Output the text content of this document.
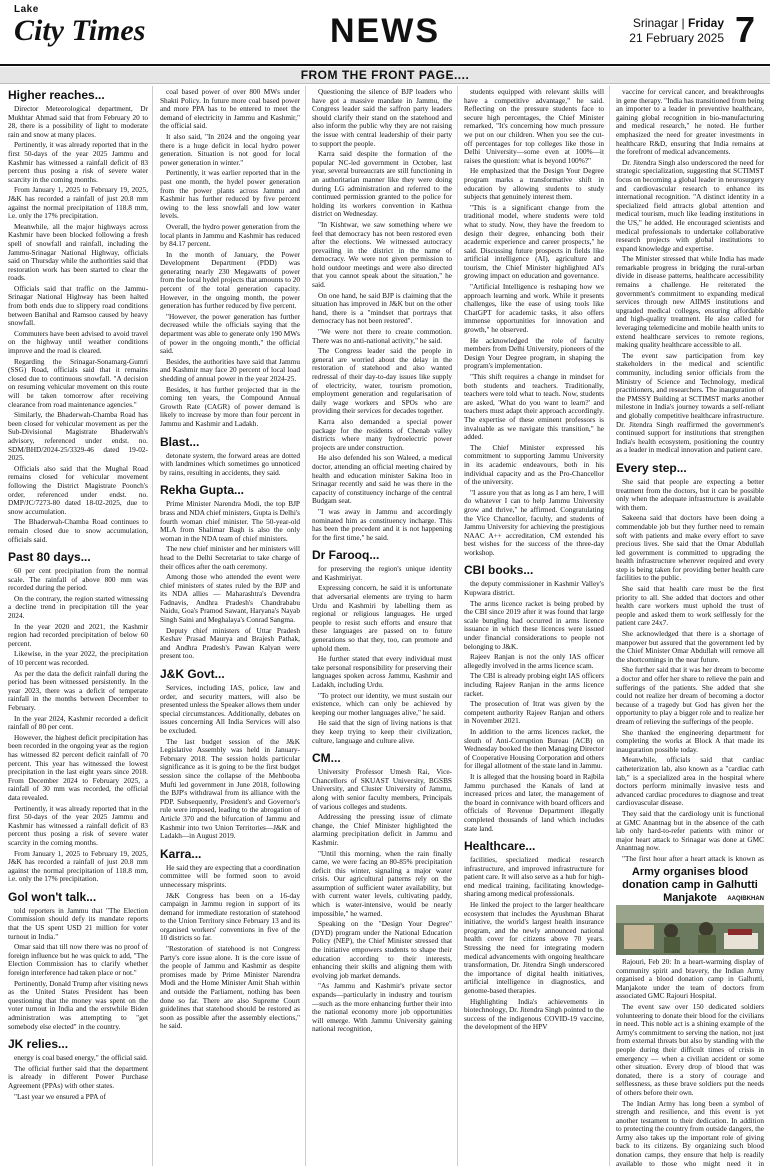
Lake
City Times	NEWS	Srinagar | Friday
21 February 2025 7
FROM THE FRONT PAGE....
Higher reaches...

Director Meteorological department, Dr Mukhtar Ahmad said that from February 20 to 28, there is a possibility of light to moderate rain and snow at many places.

Pertinently, it was already reported that in the first 50-days of the year 2025 Jammu and Kashmir has witnessed a rainfall deficit of 83 percent thus posing a risk of severe water scarcity in the coming months.

From January 1, 2025 to February 19, 2025, J&K has recorded a rainfall of just 20.8 mm against the normal precipitation of 118.8 mm, i.e. only the 17% precipitation.

Meanwhile, all the major highways across Kashmir have been blocked following a fresh spell of snowfall and rainfall, including the Jammu-Srinagar National Highway, officials said on Thursday while the authorities said that restoration work has been started to clear the roads.

Officials said that traffic on the Jammu-Srinagar National Highway has been halted from both ends due to slippery road conditions between Banihal and Ramsoo caused by heavy snowfall.

Commuters have been advised to avoid travel on the highway until weather conditions improve and the road is cleared.

Regarding the Srinagar-Sonamarg-Gumri (SSG) Road, officials said that it remains closed due to continuous snowfall. "A decision on resuming vehicular movement on this route will be taken tomorrow after receiving clearance from road maintenance agencies."

Similarly, the Bhaderwah-Chamba Road has been closed for vehicular movement as per the Sub-Divisional Magistrate Bhaderwah's advisory, referenced under endst. no. SDM/BHD/2024-25/3329-46 dated 19-02-2025.

Officials also said that the Mughal Road remains closed for vehicular movement following the District Magistrate Poonch's order, referenced under endst. no. DMP/JC/7273-80 dated 18-02-2025, due to snow accumulation.

The Bhaderwah-Chamba Road continues to remain closed due to snow accumulation, officials said.

Past 80 days...

60 per cent precipitation from the normal scale. The rainfall of above 800 mm was recorded during the period.

On the contrary, the region started witnessing a decline trend in precipitation till the year 2024.

In the year 2020 and 2021, the Kashmir region had recorded precipitation of below 60 percent.

Likewise, in the year 2022, the precipitation of 10 percent was recorded.

As per the data the deficit rainfall during the period has been witnessed persistently. In the year 2023, there was a deficit of temperate rainfall in the months between December to February.

In the year 2024, Kashmir recorded a deficit rainfall of 80 per cent.

However, the highest deficit precipitation has been recorded in the ongoing year as the region has witnessed 82 percent deficit rainfall of 70 percent. This year has witnessed the lowest precipitation in the last eight years since 2018. From December 2024 to February 2025, a rainfall of 30 mm was recorded, the official data revealed.

Pertinently, it was already reported that in the first 50-days of the year 2025 Jammu and Kashmir has witnessed a rainfall deficit of 83 percent thus posing a risk of severe water scarcity in the coming months.

From January 1, 2025 to February 19, 2025, J&K has recorded a rainfall of just 20.8 mm against the normal precipitation of 118.8 mm, i.e. only the 17% precipitation.

Gol won't talk...

told reporters in Jammu that "The Election Commission should defy its mandate reports that the US spent USD 21 million for voter turnout in India."

Omar said that till now there was no proof of foreign influence but he was quick to add, "The Election Commission has to clarify whether foreign interference had taken place or not."

Pertinently, Donald Trump after visiting news as the United States President has been questioning that the money was spent on the voter turnout in India and the erstwhile Biden administration was attempting to "get somebody else elected" in the country.

JK relies...

energy is coal based energy," the official said.

The official further said that the department is already in different Power Purchase Agreement (PPAs) with other states.

"Last year we ensured a PPA of

coal based power of over 800 MWs under Shakti Policy. In future more coal based power and more PPA has to be entered to meet the demand of electricity in Jammu and Kashmir," the official said.

It also said, "In 2024 and the ongoing year there is a huge deficit in local hydro power generation. Situation is not good for local power generation in winter."

Pertinently, it was earlier reported that in the past one month, the hydel power generation from the power plants across Jammu and Kashmir has further reduced by five percent owing to the less snowfall and low water levels.

Overall, the hydro power generation from the local plants in Jammu and Kashmir has reduced by 84.17 percent.

In the month of January, the Power Development Department (PDD) was generating nearly 230 Megawatts of power from the local hydel projects that amounts to 20 percent of the total generation capacity. However, in the ongoing month, the power generation has further reduced by five percent.

"However, the power generation has further decreased while the officials saying that the department was able to generate only 190 MWs of power in the ongoing month," the official said.

Besides, the authorities have said that Jammu and Kashmir may face 20 percent of local load shedding of annual power in the year 2024-25.

Besides, it has further projected that in the coming ten years, the Compound Annual Growth Rate (CAGR) of power demand is likely to increase by more than four percent in Jammu and Kashmir and Ladakh.

Blast...

detonate system, the forward areas are dotted with landmines which sometimes go unnoticed by rains, resulting in accidents, they said.

Rekha Gupta...

Prime Minister Narendra Modi, the top BJP brass and NDA chief ministers, Gupta is Delhi's fourth woman chief minister. The 50-year-old MLA from Shalimar Bagh is also the only woman in the NDA team of chief ministers.

The new chief minister and her ministers will head to the Delhi Secretariat to take charge of their offices after the oath ceremony.

Among those who attended the event were chief ministers of states ruled by the BJP and its NDA allies — Maharashtra's Devendra Fadnavis, Andhra Pradesh's Chandrababu Naidu, Goa's Pramod Sawant, Haryana's Nayab Singh Saini and Meghalaya's Conrad Sangma.

Deputy chief ministers of Uttar Pradesh Keshav Prasad Maurya and Brajesh Pathak, and Andhra Pradesh's Pawan Kalyan were present too.

J&K Govt...

Services, including IAS, police, law and order, and security matters, will also be presented unless the Speaker allows them under special circumstances. Additionally, debates on issues concerning All India Services will also be excluded.

The last budget session of the J&K Legislative Assembly was held in January-February 2018. The session holds particular significance as it is going to be the first budget session since the collapse of the Mehbooba Mufti led government in June 2018, following the BJP's withdrawal from its alliance with the PDP. Subsequently, President's and Governor's rule were imposed, leading to the abrogation of Article 370 and the bifurcation of Jammu and Kashmir into two Union Territories—J&K and Ladakh—in August 2019.

Karra...

He said they are expecting that a coordination committee will be formed soon to avoid unnecessary misprints.

J&K Congress has been on a 16-day campaign in Jammu region in support of its demand for immediate restoration of statehood to the Union Territory since February 13 and its organised workers' conventions in five of the 10 districts so far.

"Restoration of statehood is not Congress Party's core issue alone. It is the core issue of the people of Jammu and Kashmir as despite promises made by Prime Minister Narendra Modi and the Home Minister Amit Shah within and outside the Parliament, nothing has been done so far. There are also Supreme Court guidelines that statehood should be restored as soon as possible after the assembly elections," he said.

Questioning the silence of BJP leaders who have got a massive mandate in Jammu, the Congress leader said the saffron party leaders should clarify their stand on the statehood and also inform the public why they are not raising the issue with central leadership of their party to support the people.

Karra said despite the formation of the popular NC-led government in October, last year, several bureaucrats are still functioning in an authoritarian manner like they were doing during LG administration and referred to the continued permission granted to the police for holding its workers convention in Kathua district on Wednesday.

"In Kishtwar, we saw something where we feel that democracy has not been restored even after the elections. We witnessed autocracy prevailing in the district in the name of democracy. We were not given permission to hold outdoor meetings and were also directed that you cannot speak about the situation," he said.

On one hand, he said BJP is claiming that the situation has improved in J&K but on the other hand, there is a "mindset that portrays that democracy has not been restored".

"We were not there to create commotion. There was no anti-national activity," he said.

The Congress leader said the people in general are worried about the delay in the restoration of statehood and also wanted redressal of their day-to-day issues like supply of electricity, water, tourism promotion, employment generation and regularisation of daily wage workers and SPOs who are providing their services for decades together.

Karra also demanded a special power package for the residents of Chenab valley districts where many hydroelectric power projects are under construction.

He also defended his son Waleed, a medical doctor, attending an official meeting chaired by health and education minister Sakina Itoo in Srinagar recently and said he was there in the capacity of constituency incharge of the central Budgam seat.

"I was away in Jammu and accordingly nominated him as constituency incharge. This has been the precedent and it is not happening for the first time," he said.

Dr Farooq...

for preserving the region's unique identity and Kashmiriyat.

Expressing concern, he said it is unfortunate that adversarial elements are trying to harm Urdu and Kashmiri by labelling them as regional or religious languages. He urged people to resist such efforts and ensure that these languages are passed on to future generations so that they, too, can promote and uphold them.

He further stated that every individual must take personal responsibility for preserving their languages spoken across Jammu, Kashmir and Ladakh, including Urdu.

"To protect our identity, we must sustain our existence, which can only be achieved by keeping our mother languages alive," he said.

He said that the sign of living nations is that they keep trying to keep their civilization, culture, language and culture alive.

CM...

University Professor Umesh Rai, Vice-Chancellors of SKUAST University, BGSBS University, and Cluster University of Jammu, along with senior faculty members, Principals of various colleges and students.

Addressing the pressing issue of climate change, the Chief Minister highlighted the alarming precipitation deficit in Jammu and Kashmir.

"Until this morning, when the rain finally came, we were facing an 80-85% precipitation deficit this winter, signaling a major water crisis. Our agricultural patterns rely on the assumption of sufficient water availability, but with current water levels, cultivating paddy, which is water-intensive, would be nearly impossible," he warned.

Speaking on the "Design Your Degree" (DYD) program under the National Education Policy (NEP), the Chief Minister stressed that the initiative empowers students to shape their education according to their interests, enhancing their skills and aligning them with evolving job market demands.

"As Jammu and Kashmir's private sector expands—particularly in industry and tourism—such as the more enhancing further their into the national economy more job opportunities will emerge. With Jammu University gaining national recognition,

students equipped with relevant skills will have a competitive advantage," he said. Reflecting on the pressure students face to secure high percentages, the Chief Minister remarked, "It's concerning how much pressure we put on our children. When you see the cut-off percentages for top colleges like those in Delhi University—some even at 100%—it raises the question: what is beyond 100%?"

He emphasized that the Design Your Degree program marks a transformative shift in education by allowing students to study subjects that genuinely interest them.

"This is a significant change from the traditional model, where students were told what to study. Now, they have the freedom to design their degree, enhancing both their academic experience and career prospects," he said. Discussing future prospects in fields like artificial intelligence (AI), agriculture and tourism, the Chief Minister highlighted AI's growing impact on education and governance.

"Artificial Intelligence is reshaping how we approach learning and work. While it presents challenges, like the ease of using tools like ChatGPT for academic tasks, it also offers immense opportunities for innovation and growth," he observed.

He acknowledged the role of faculty members from Delhi University, pioneers of the Design Your Degree program, in shaping the program's implementation.

"This shift requires a change in mindset for both students and teachers. Traditionally, teachers were told what to teach. Now, students are asked, 'What do you want to learn?' and teachers must adapt their approach accordingly. The expertise of these eminent professors is invaluable as we navigate this transition," he added.

The Chief Minister expressed his commitment to supporting Jammu University in its academic endeavours, both in his individual capacity and as the Pro-Chancellor of the university.

"I assure you that as long as I am here, I will do whatever I can to help Jammu University grow and thrive," he affirmed. Congratulating the Vice Chancellor, faculty, and students of Jammu University for achieving the prestigious NAAC A++ accreditation, CM extended his best wishes for the success of the three-day workshop.

CBI books...

the deputy commissioner in Kashmir Valley's Kupwara district.

The arms licence racket is being probed by the CBI since 2019 after it was found that large scale bungling had occurred in arms licence issuance in which these licences were issued under financial considerations to people not belonging to J&K.

Rajeev Ranjan is not the only IAS officer allegedly involved in the arms licence scam.

The CBI is already probing eight IAS officers including Rajeev Ranjan in the arms licence racket.

The prosecution of Itrat was given by the competent authority Rajeev Ranjan and others in November 2021.

In addition to the arms licences racket, the sleuth of Anti-Corruption Bureau (ACB) on Wednesday booked the then Managing Director of Cooperative Housing Corporation and others for illegal allotment of the state land in Jammu.

It is alleged that the housing board in Rajbila Jammu purchased the Kanals of land at increased prices and later, the management of the board in connivance with board officers and officials of Revenue Department illegally completed thousands of land which includes state land.

Healthcare...

facilities, specialized medical research infrastructure, and improved infrastructure for patient care. It will also serve as a hub for high-end medical training, facilitating knowledge-sharing among medical professionals.

He linked the project to the larger healthcare ecosystem that includes the Ayushman Bharat initiative, the world's largest health insurance program, and the newly announced national health cover for citizens above 70 years. Stressing the need for integrating modern medical advancements with ongoing healthcare transformation, Dr. Jitendra Singh underscored the importance of digital health initiatives, artificial intelligence in diagnostics, and genome-based therapies.

Highlighting India's achievements in biotechnology, Dr. Jitendra Singh pointed to the success of the indigenous COVID-19 vaccine, the development of the HPV

vaccine for cervical cancer, and breakthroughs in gene therapy. "India has transitioned from being an importer to a leader in preventive healthcare, gaining global recognition in bio-manufacturing and medical research," he noted. He further emphasized the need for greater investments in healthcare R&D, ensuring that India remains at the forefront of medical advancements.

Dr. Jitendra Singh also underscored the need for strategic specialization, suggesting that SCTIMST focus on becoming a global leader in neurosurgery and cardiovascular research to enhance its international recognition. "A distinct identity in a specialized field attracts global attention and medical tourism, much like leading institutions in the US," he added. He encouraged scientists and medical professionals to undertake collaborative research projects with global institutions to expand knowledge and expertise.

The Minister stressed that while India has made remarkable progress in bridging the rural-urban divide in disease patterns, healthcare accessibility remains a challenge. He reiterated the government's commitment to expanding medical services through new AIIMS institutions and upgraded medical colleges, ensuring affordable and high-quality treatment. He also called for leveraging telemedicine and mobile health units to extend healthcare services to remote regions, making quality healthcare accessible to all.

The event saw participation from key stakeholders in the medical and scientific community, including senior officials from the Ministry of Science and Technology, medical practitioners, and researchers. The inauguration of the PMSSY Building at SCTIMST marks another milestone in India's journey towards a self-reliant and globally competitive healthcare infrastructure. Dr. Jitendra Singh reaffirmed the government's continued support for institutions that strengthen India's health ecosystem, positioning the country as a leader in medical innovation and patient care.

Every step...

She said that people are expecting a better treatment from the doctors, but it can be possible only when the adequate infrastructure is available with them.

Sakeena said that doctors have been doing a commendable job but they further need to remain soft with patients and make every effort to save precious lives. She said that the Omar Abdullah led government is committed to upgrading the health infrastructure wherever required and every step is being taken for providing better health care facilities to the public.

She said that health care must be the first priority to all. She added that doctors and other health care workers must uphold the trust of people and asked them to work selflessly for the patient care 24x7.

She acknowledged that there is a shortage of manpower but assured that the government led by the Chief Minister Omar Abdullah will remove all the shortcomings in the near future.

She further said that it was her dream to become a doctor and offer her share to relieve the pain and sufferings of the patients. She added that she could not realize her dream of becoming a doctor because of a tragedy but God has given her the opportunity to play a bigger role and to realize her dream of relieving the sufferings of the people.

She thanked the engineering department for completing the works at Block A that made its inauguration possible today.

Meanwhile, officials said that cardiac catheterization lab, also known as a "cardiac cath lab," is a specialized area in the hospital where doctors perform minimally invasive tests and advanced cardiac procedures to diagnose and treat cardiovascular disease.

They said that the cardiology unit is functional at GMC Anantnag but in the absence of the cath lab only hard-to-refer patients with minor or major heart attack to Srinagar was done at GMC Anantnag now.

"The first hour after a heart attack is known as

Army organises blood donation camp in Galhutti Manjakote	AAQIBKHAN

Rajouri, Feb 20: In a heart-warming display of community spirit and bravery, the Indian Army organised a blood donation camp in Galhutti, Manjakote under the team of doctors from associated GMC Rajouri Hospital.

The event saw over 150 dedicated soldiers volunteering to donate their blood for the civilians in need. This noble act is a shining example of the Army's commitment to serving the nation, not just from external threats but also by standing with the people during their difficult times of crisis in emergency — when a civilian accident or some other situation. Every drop of blood that was donated, there is a story of courage and selflessness, as these brave soldiers put the needs of others before their own.

The Indian Army has long been a symbol of strength and resilience, and this event is yet another testament to their dedication. In addition to protecting the country from outside dangers, the Army also takes up the important role of giving back to its citizens. By organizing such blood donation camps, they ensure that help is readily available to those who might need it in
